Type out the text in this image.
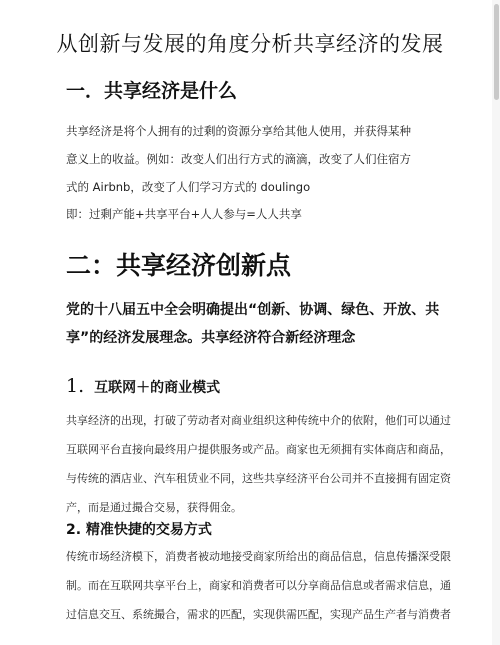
从创新与发展的角度分析共享经济的发展
一．共享经济是什么
共享经济是将个人拥有的过剩的资源分享给其他人使用，并获得某种
意义上的收益。例如：改变人们出行方式的滴滴，改变了人们住宿方
式的 Airbnb，改变了人们学习方式的 doulingo
即：过剩产能+共享平台+人人参与=人人共享
二：共享经济创新点
党的十八届五中全会明确提出“创新、协调、绿色、开放、共
享”的经济发展理念。共享经济符合新经济理念
1. 互联网＋的商业模式
共享经济的出现，打破了劳动者对商业组织这种传统中介的依附，他们可以通过
互联网平台直接向最终用户提供服务或产品。商家也无须拥有实体商店和商品，
与传统的酒店业、汽车租赁业不同，这些共享经济平台公司并不直接拥有固定资
产，而是通过撮合交易，获得佣金。
2. 精准快捷的交易方式
传统市场经济模下，消费者被动地接受商家所给出的商品信息，信息传播深受限
制。而在互联网共享平台上，商家和消费者可以分享商品信息或者需求信息，通
过信息交互、系统撮合，需求的匹配，实现供需匹配，实现产品生产者与消费者
